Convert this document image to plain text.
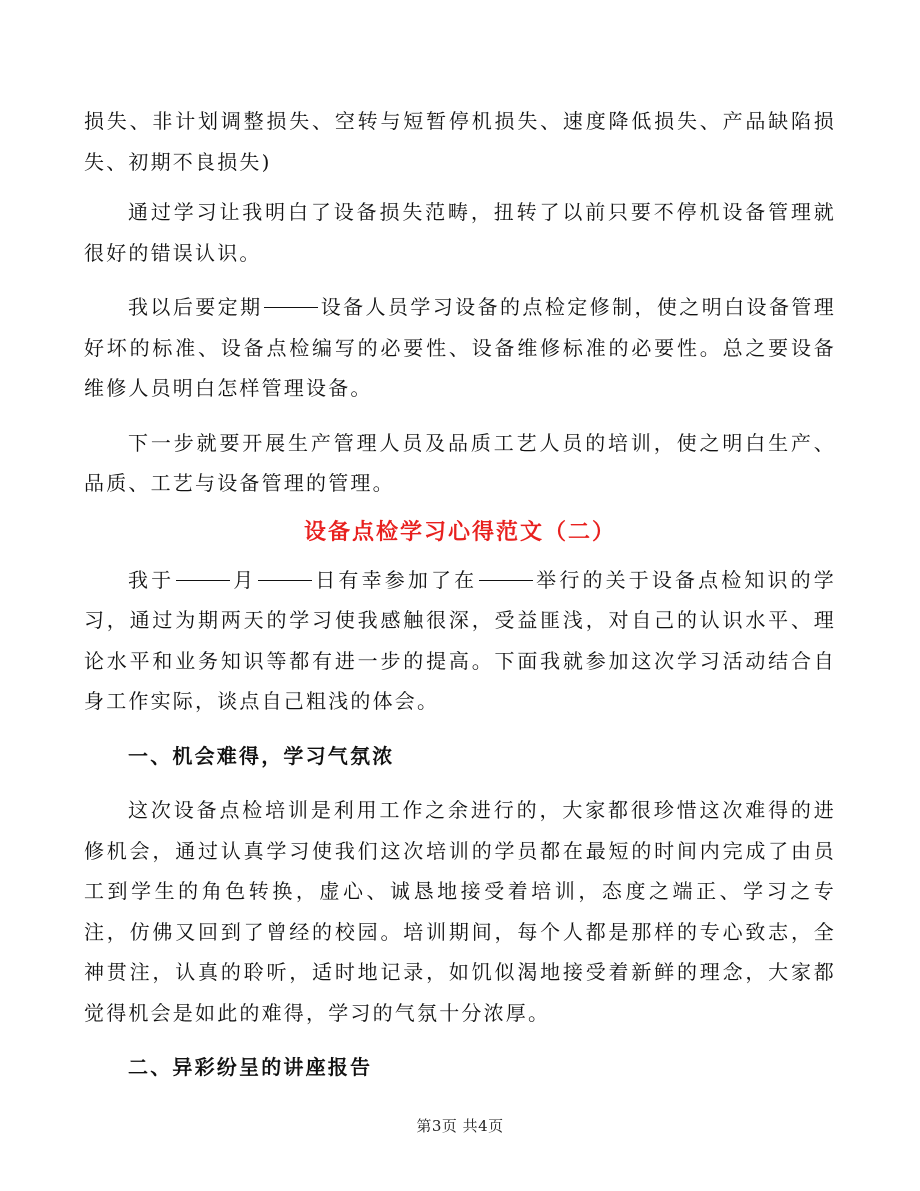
损失、非计划调整损失、空转与短暂停机损失、速度降低损失、产品缺陷损失、初期不良损失)

通过学习让我明白了设备损失范畴，扭转了以前只要不停机设备管理就很好的错误认识。

我以后要定期	设备人员学习设备的点检定修制，使之明白设备管理好坏的标准、设备点检编写的必要性、设备维修标准的必要性。总之要设备维修人员明白怎样管理设备。

下一步就要开展生产管理人员及品质工艺人员的培训，使之明白生产、品质、工艺与设备管理的管理。

设备点检学习心得范文（二）

我于	月	日有幸参加了在	举行的关于设备点检知识的学习，通过为期两天的学习使我感触很深，受益匪浅，对自己的认识水平、理论水平和业务知识等都有进一步的提高。下面我就参加这次学习活动结合自身工作实际，谈点自己粗浅的体会。

一、机会难得，学习气氛浓

这次设备点检培训是利用工作之余进行的，大家都很珍惜这次难得的进修机会，通过认真学习使我们这次培训的学员都在最短的时间内完成了由员工到学生的角色转换，虚心、诚恳地接受着培训，态度之端正、学习之专注，仿佛又回到了曾经的校园。培训期间，每个人都是那样的专心致志，全神贯注，认真的聆听，适时地记录，如饥似渴地接受着新鲜的理念，大家都觉得机会是如此的难得，学习的气氛十分浓厚。

二、异彩纷呈的讲座报告

第3页 共4页
